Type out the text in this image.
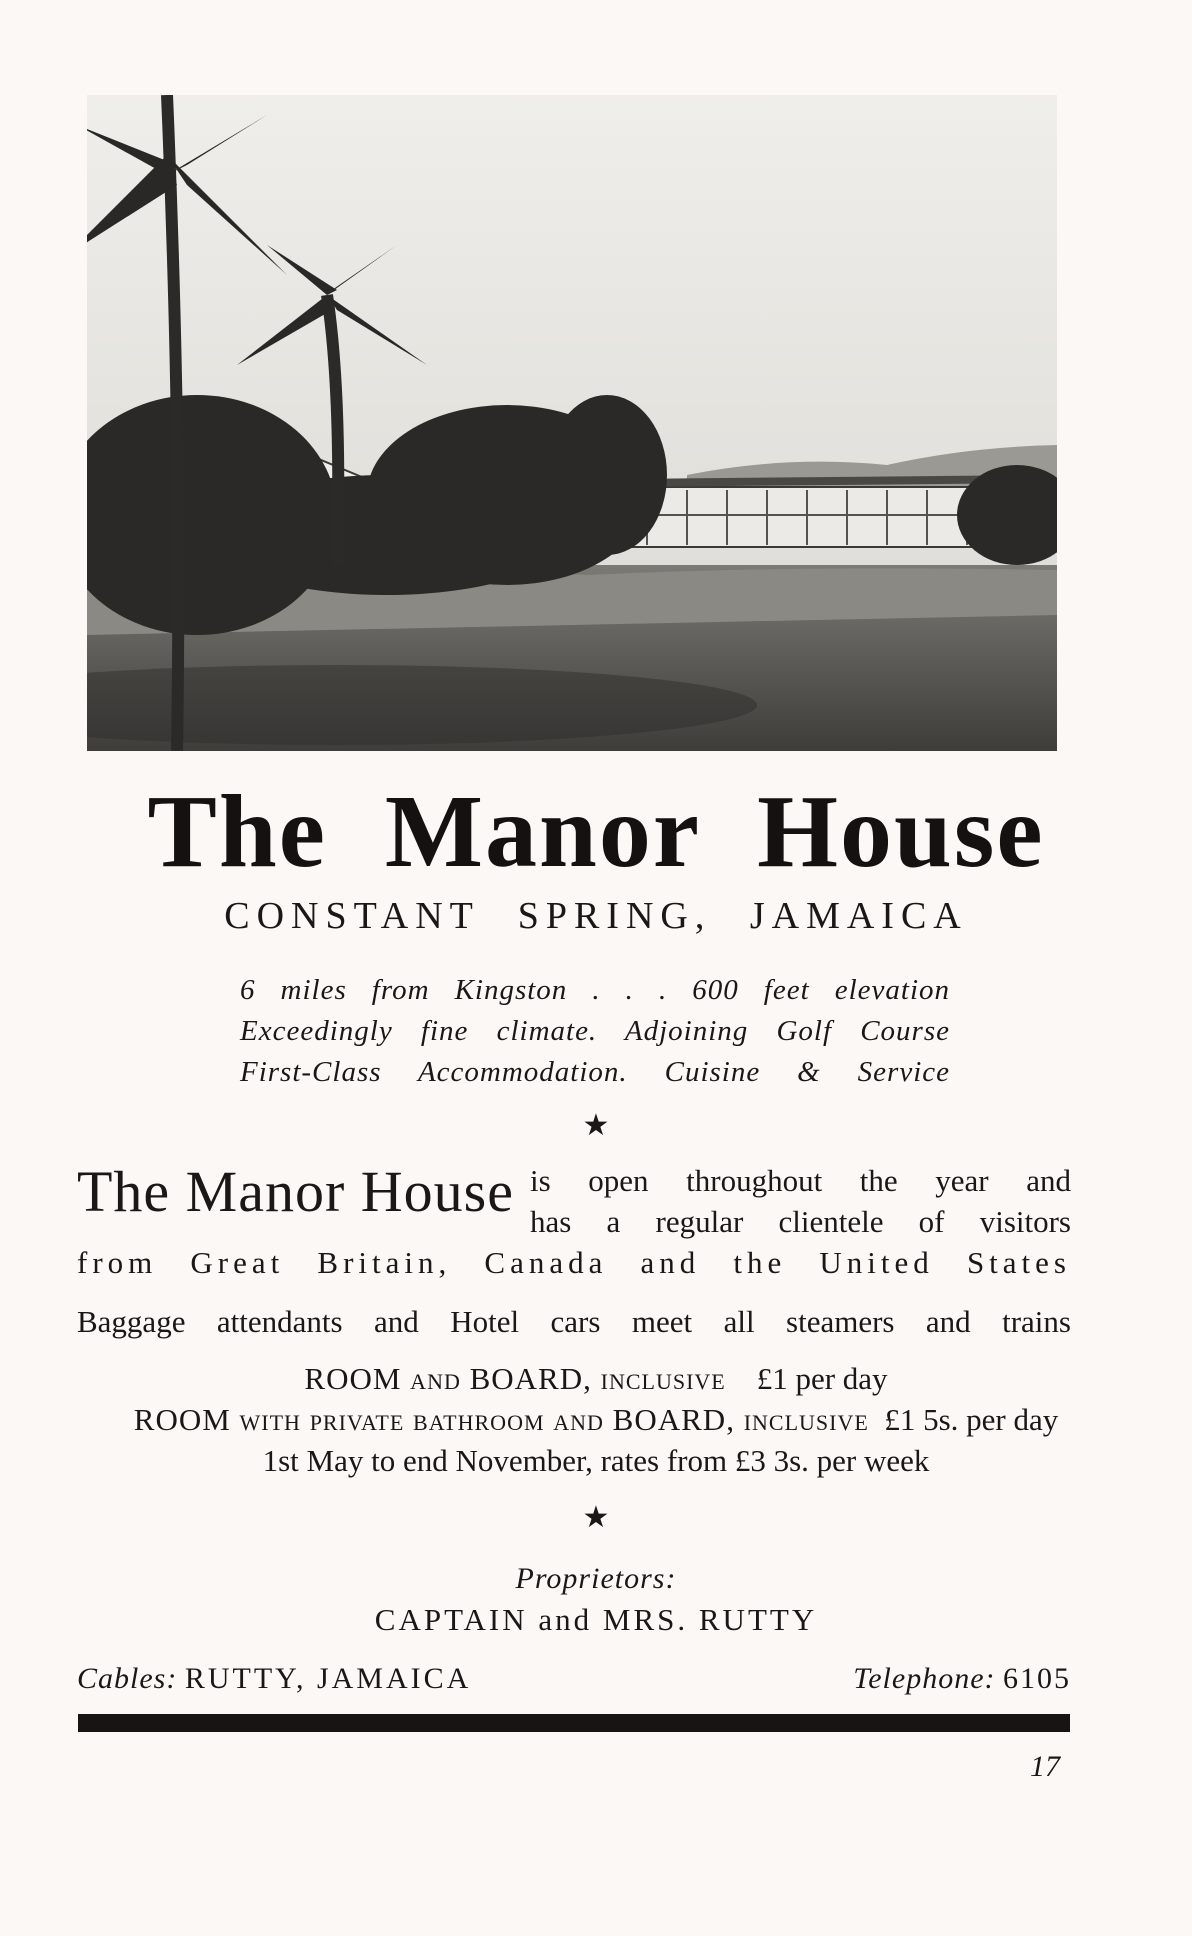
The Manor House
CONSTANT SPRING, JAMAICA
6 miles from Kingston . . . 600 feet elevation
Exceedingly fine climate. Adjoining Golf Course
First-Class Accommodation. Cuisine & Service
★
The Manor House is open throughout the year and
has a regular clientele of visitors
from Great Britain, Canada and the United States
Baggage attendants and Hotel cars meet all steamers and trains
ROOM and BOARD, inclusive £1 per day
ROOM with private bathroom and BOARD, inclusive £1 5s. per day
1st May to end November, rates from £3 3s. per week
★
Proprietors:
CAPTAIN and MRS. RUTTY
Cables: RUTTY, JAMAICA	Telephone: 6105
17
